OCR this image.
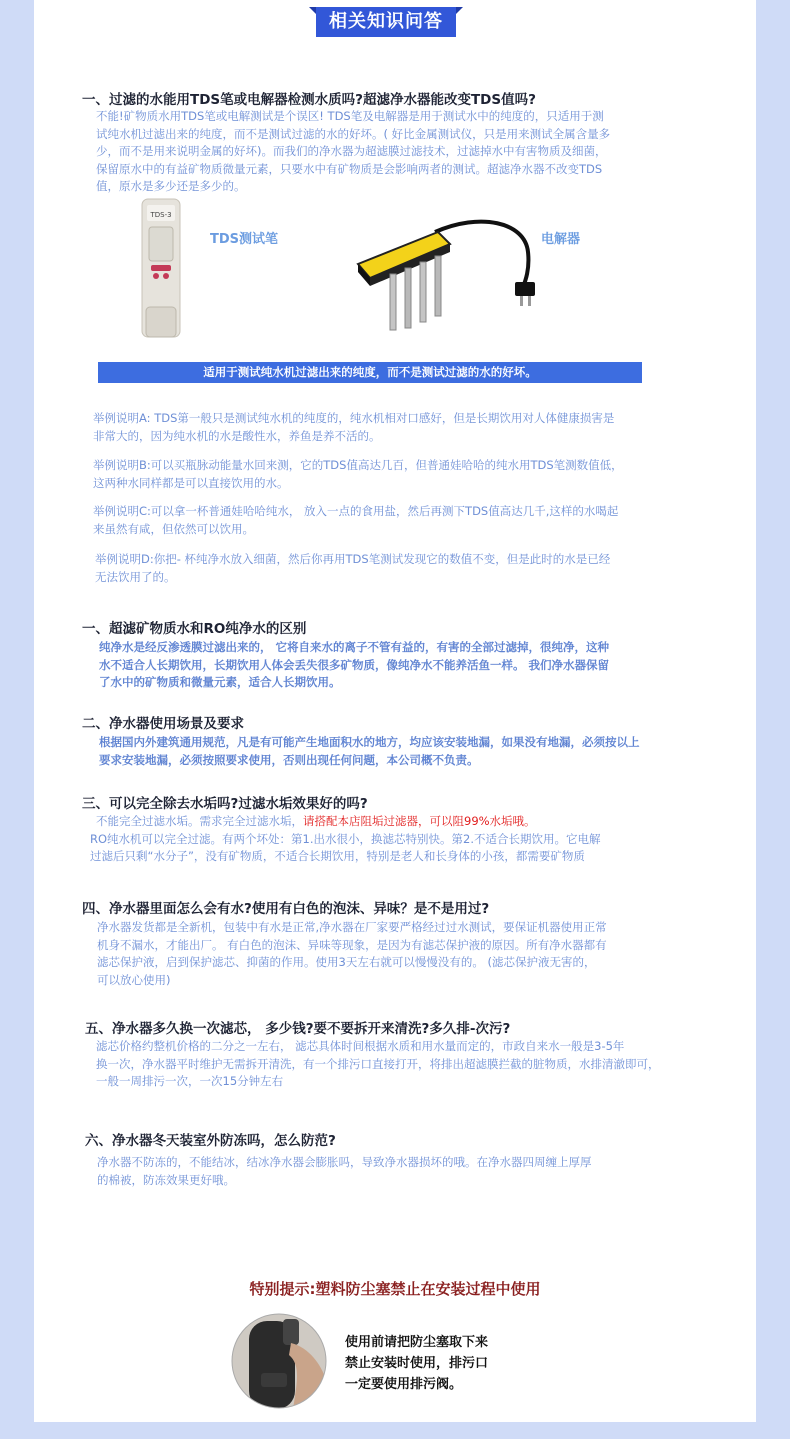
相关知识问答
一、过滤的水能用TDS笔或电解器检测水质吗?超滤净水器能改变TDS值吗?
不能!矿物质水用TDS笔或电解测试是个误区! TDS笔及电解器是用于测试水中的纯度的，只适用于测
试纯水机过滤出来的纯度，而不是测试过滤的水的好坏。( 好比金属测试仪，只是用来测试全属含量多
少，而不是用来说明金属的好坏)。而我们的净水器为超滤膜过滤技术，过滤掉水中有害物质及细菌，
保留原水中的有益矿物质微量元素，只要水中有矿物质是会影响两者的测试。超滤净水器不改变TDS
值，原水是多少还是多少的。
TDS-3
TDS测试笔	电解器
适用于测试纯水机过滤出来的纯度，而不是测试过滤的水的好坏。
举例说明A: TDS第一般只是测试纯水机的纯度的，纯水机相对口感好，但是长期饮用对人体健康损害是
非常大的，因为纯水机的水是酸性水，养鱼是养不活的。
举例说明B:可以买瓶脉动能量水回来测，它的TDS值高达几百，但普通娃哈哈的纯水用TDS笔测数值低，
这两种水同样都是可以直接饮用的水。
举例说明C:可以拿一杯普通娃哈哈纯水， 放入一点的食用盐，然后再测下TDS值高达几千,这样的水喝起
来虽然有咸，但依然可以饮用。
举例说明D:你把- 杯纯净水放入细菌，然后你再用TDS笔测试发现它的数值不变，但是此时的水是已经
无法饮用了的。
一、超滤矿物质水和RO纯净水的区别
纯净水是经反渗透膜过滤出来的， 它将自来水的离子不管有益的，有害的全部过滤掉，很纯净，这种
水不适合人长期饮用，长期饮用人体会丢失很多矿物质，像纯净水不能养活鱼一样。 我们净水器保留
了水中的矿物质和微量元素，适合人长期饮用。
二、净水器使用场景及要求
根据国内外建筑通用规范，凡是有可能产生地面积水的地方，均应该安装地漏，如果没有地漏，必须按以上
要求安装地漏，必须按照要求使用，否则出现任何问题，本公司概不负责。
三、可以完全除去水垢吗?过滤水垢效果好的吗?
不能完全过滤水垢。需求完全过滤水垢，请搭配本店阻垢过滤器，可以阻99%水垢哦。
RO纯水机可以完全过滤。有两个坏处：第1.出水很小，换滤芯特别快。第2.不适合长期饮用。它电解
过滤后只剩“水分子”，没有矿物质，不适合长期饮用，特别是老人和长身体的小孩，都需要矿物质
四、净水器里面怎么会有水?使用有白色的泡沫、异味？是不是用过?
净水器发货都是全新机，包装中有水是正常,净水器在厂家要严格经过过水测试，要保证机器使用正常
机身不漏水，才能出厂。 有白色的泡沫、异味等现象，是因为有滤芯保护液的原因。所有净水器都有
滤芯保护液，启到保护滤芯、抑菌的作用。使用3天左右就可以慢慢没有的。 (滤芯保护液无害的，
可以放心使用)
五、净水器多久换一次滤芯， 多少钱?要不要拆开来清洗?多久排-次污?
滤芯价格约整机价格的二分之一左右， 滤芯具体时间根据水质和用水量而定的，市政自来水一般是3-5年
换一次，净水器平时维护无需拆开清洗，有一个排污口直接打开，将排出超滤膜拦截的脏物质，水排清澈即可，
一般一周排污一次，一次15分钟左右
六、净水器冬天装室外防冻吗，怎么防范?
净水器不防冻的，不能结冰，结冰净水器会膨胀吗，导致净水器损坏的哦。在净水器四周缠上厚厚
的棉被，防冻效果更好哦。
特别提示:塑料防尘塞禁止在安装过程中使用
使用前请把防尘塞取下来
禁止安装时使用，排污口
一定要使用排污阀。
